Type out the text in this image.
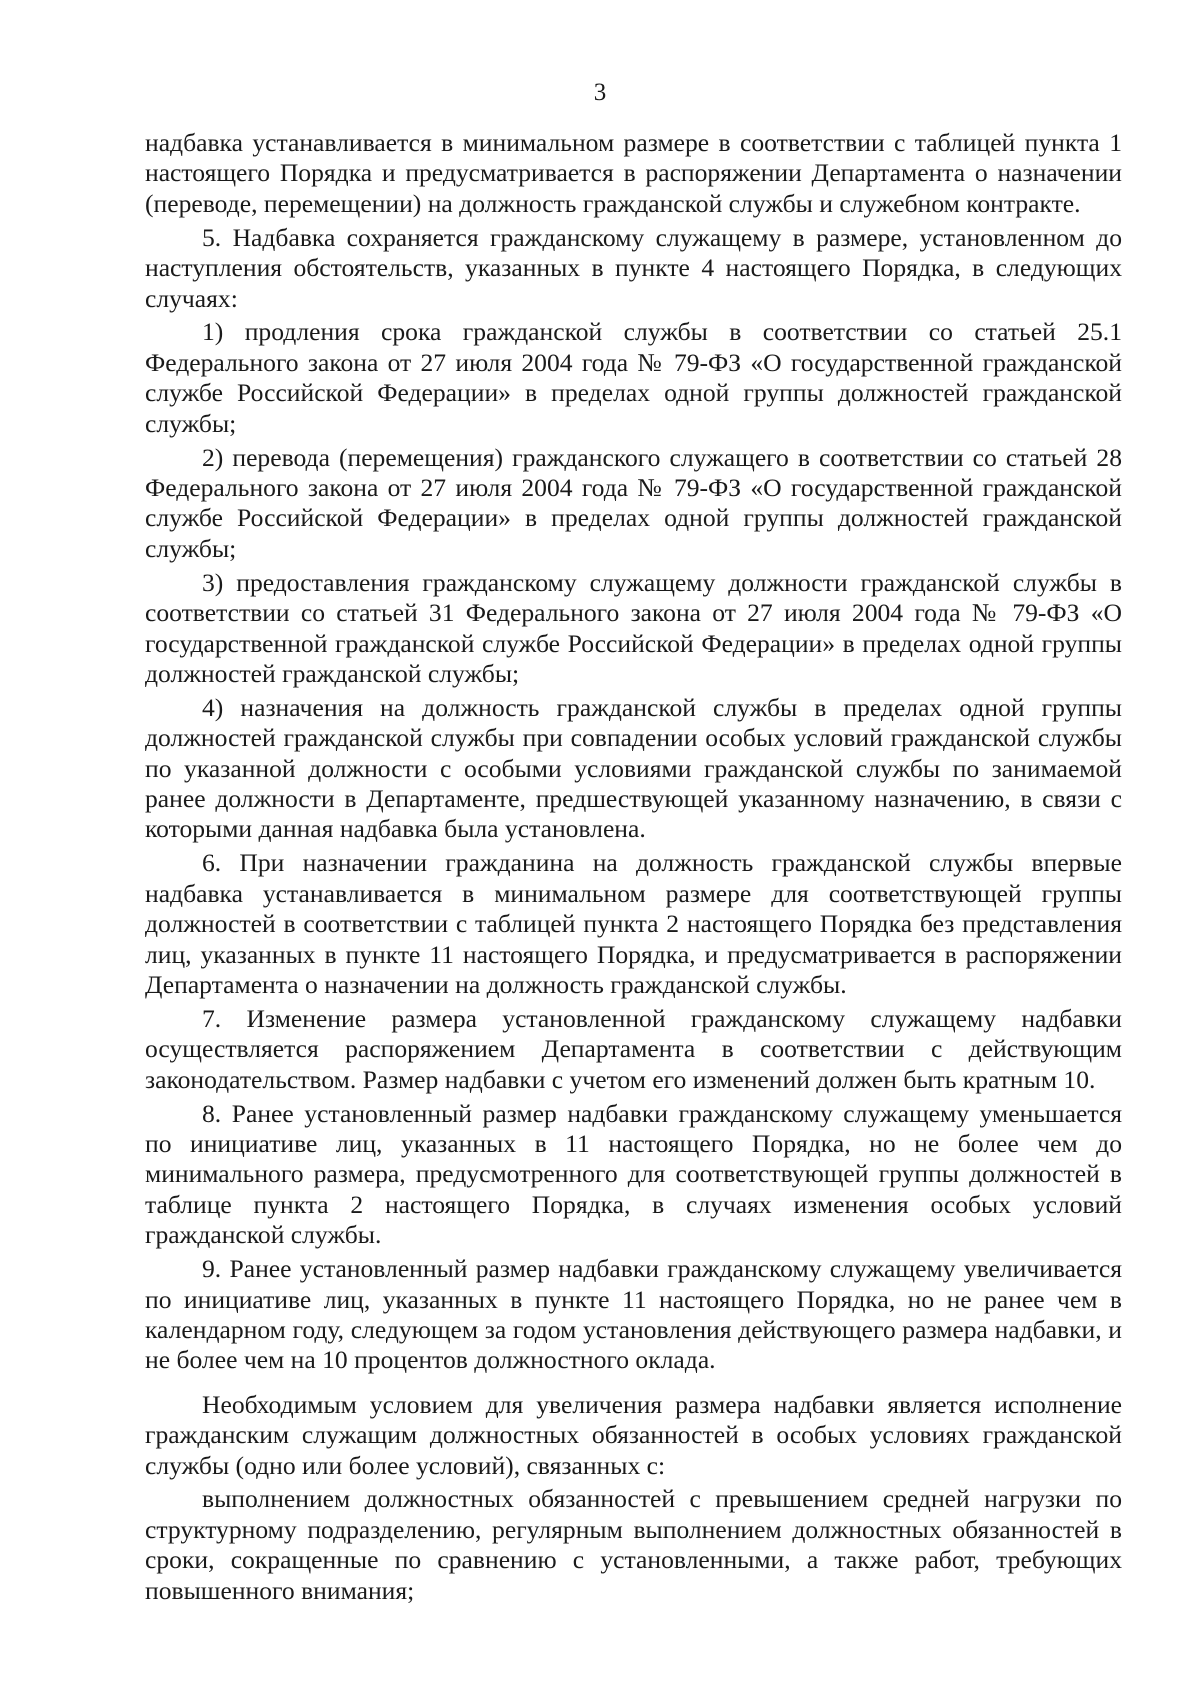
3

надбавка устанавливается в минимальном размере в соответствии с таблицей пункта 1 настоящего Порядка и предусматривается в распоряжении Департамента о назначении (переводе, перемещении) на должность гражданской службы и служебном контракте.

5. Надбавка сохраняется гражданскому служащему в размере, установленном до наступления обстоятельств, указанных в пункте 4 настоящего Порядка, в следующих случаях:

1) продления срока гражданской службы в соответствии со статьей 25.1 Федерального закона от 27 июля 2004 года № 79-ФЗ «О государственной гражданской службе Российской Федерации» в пределах одной группы должностей гражданской службы;

2) перевода (перемещения) гражданского служащего в соответствии со статьей 28 Федерального закона от 27 июля 2004 года № 79-ФЗ «О государственной гражданской службе Российской Федерации» в пределах одной группы должностей гражданской службы;

3) предоставления гражданскому служащему должности гражданской службы в соответствии со статьей 31 Федерального закона от 27 июля 2004 года № 79-ФЗ «О государственной гражданской службе Российской Федерации» в пределах одной группы должностей гражданской службы;

4) назначения на должность гражданской службы в пределах одной группы должностей гражданской службы при совпадении особых условий гражданской службы по указанной должности с особыми условиями гражданской службы по занимаемой ранее должности в Департаменте, предшествующей указанному назначению, в связи с которыми данная надбавка была установлена.

6. При назначении гражданина на должность гражданской службы впервые надбавка устанавливается в минимальном размере для соответствующей группы должностей в соответствии с таблицей пункта 2 настоящего Порядка без представления лиц, указанных в пункте 11 настоящего Порядка, и предусматривается в распоряжении Департамента о назначении на должность гражданской службы.

7. Изменение размера установленной гражданскому служащему надбавки осуществляется распоряжением Департамента в соответствии с действующим законодательством. Размер надбавки с учетом его изменений должен быть кратным 10.

8. Ранее установленный размер надбавки гражданскому служащему уменьшается по инициативе лиц, указанных в 11 настоящего Порядка, но не более чем до минимального размера, предусмотренного для соответствующей группы должностей в таблице пункта 2 настоящего Порядка, в случаях изменения особых условий гражданской службы.

9. Ранее установленный размер надбавки гражданскому служащему увеличивается по инициативе лиц, указанных в пункте 11 настоящего Порядка, но не ранее чем в календарном году, следующем за годом установления действующего размера надбавки, и не более чем на 10 процентов должностного оклада.

Необходимым условием для увеличения размера надбавки является исполнение гражданским служащим должностных обязанностей в особых условиях гражданской службы (одно или более условий), связанных с:

выполнением должностных обязанностей с превышением средней нагрузки по структурному подразделению, регулярным выполнением должностных обязанностей в сроки, сокращенные по сравнению с установленными, а также работ, требующих повышенного внимания;
